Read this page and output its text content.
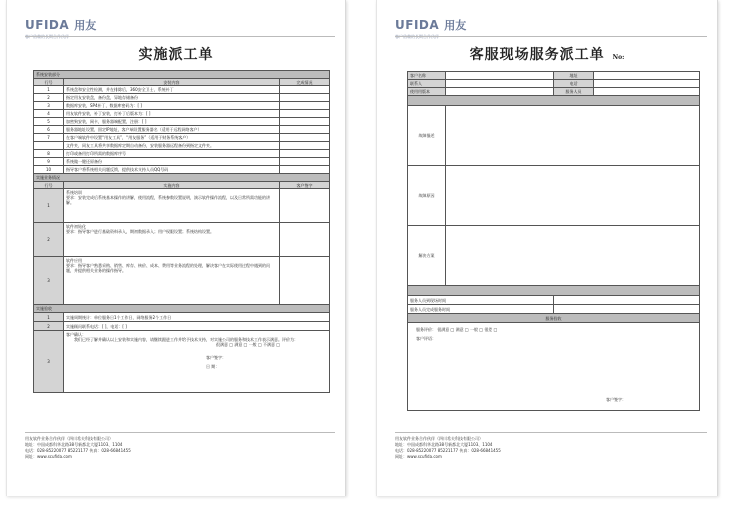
UFIDA 用友
客户信赖的长期合作伙伴
实施派工单
系统安装部分		
行号	安装内容	完成情况
1	系统盘和安全性检测，并在排除后，360安全卫士，系统补丁	
2	指定用友安装盘，备份盘，异地存储备份	
3	数据库安装，SP4补丁，数据库密码为：[ ]	
4	用友软件安装，补丁安装，打补丁后版本为：[ ]	
5	加密狗安装，网卡，服务器端配置，注册：[ ]	
6	服务器地址设置，固定IP地址，客户端设置服务器名（适用于远程网络客户）	
7	在客户端软件中设置“用友工具”，“用友服务”（适用于财务系统客户）	
	文件夹，同友工具将共享数据库定期自动备份，安装服务器远程备份到指定文件夹。	
8	打印或备用打印所需的数据库序号	
9	系统做一键还原备份	
10	指导客户将系统相关问题反馈，提供技术支持人员QQ号码	
实施业务情况		
行号	实施内容	客户签字
1	系统培训
要求：安装完成后系统基本操作的讲解，使用流程，系统参数设置说明，演示软件操作流程，以及日常所需功能的讲解。	

2	软件初始化
要求：指导客户进行基础资料录入，期初数据录入；用户权限设置；系统结构设置。	

3	软件应用
要求：指导客户熟悉采购、销售、库存、核价、成本、费用等业务流程的处理，解决客户在实际使用过程中遇到的问题，并提供相关业务的操作指导。	

实施验收		
1	实施周期统计：单位服务日1个工作日，网络服务2个工作日	
2	实施顾问联系电话：[ ]，电话：[ ]	
3	客户确认：
我们已经了解并确认以上安装和实施内容，请继续跟进工作并给予技术支持，对实施公司的服务和技术工作表示满意。评价为：
很满意 □ 满意 □ 一般 □ 不满意 □
客户签字：
日 期：	
用友软件业务合作伙伴（四川希夫科技有限公司）
地址：中国成都科华北路38号新都北大厦1103、1104
电话：028-85220077 85221177 传真：028-66841455
网址：www.scufida.com
UFIDA 用友
客户信赖的长期合作伙伴
客服现场服务派工单 No:
客户名称		地址	
联系人		电话	
使用用版本		服务人员	

故障描述			
故障原因			
解决方案			

服务人员到现场时间			
服务人员完成服务时间			
服务验收			

服务评价： 很满意 □ 满意 □ 一般 □ 很差 □
客户评语：
客户签字：			
用友软件业务合作伙伴（四川希夫科技有限公司）
地址：中国成都科华北路38号新都北大厦1103、1104
电话：028-85220077 85221177 传真：028-66841455
网址：www.scufida.com
